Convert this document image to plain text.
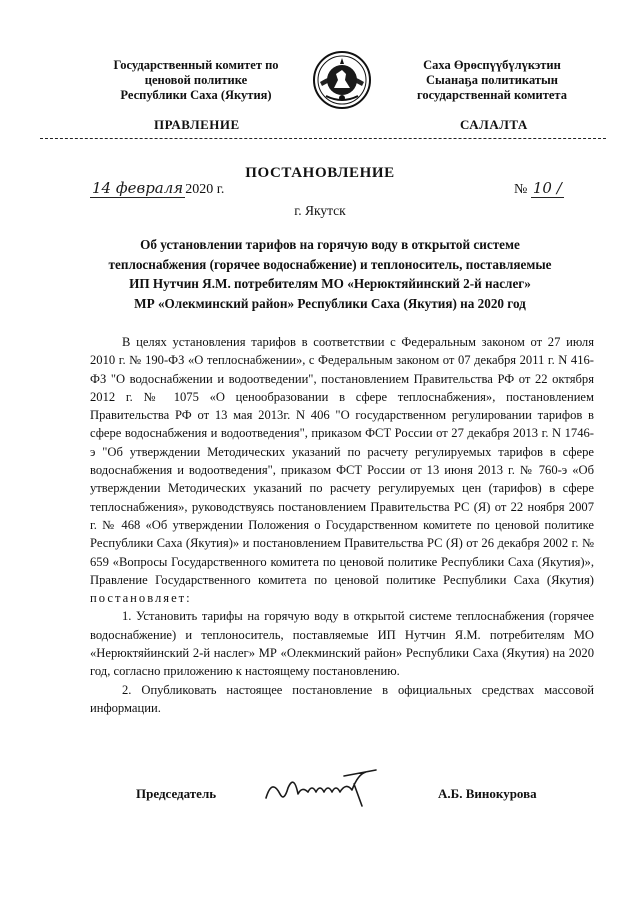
Государственный комитет по
ценовой политике
Республики Саха (Якутия)
Саха Өрөспүүбүлүкэтин
Сыанаҕа политикатын
государственнай комитета
ПРАВЛЕНИЕ	САЛАЛТА
ПОСТАНОВЛЕНИЕ
14 февраля 2020 г.	№ 10 /
г. Якутск
Об установлении тарифов на горячую воду в открытой системе
теплоснабжения (горячее водоснабжение) и теплоноситель, поставляемые
ИП Нутчин Я.М. потребителям МО «Нерюктяйинский 2-й наслег»
МР «Олекминский район» Республики Саха (Якутия) на 2020 год

В целях установления тарифов в соответствии с Федеральным законом от 27 июля 2010 г. № 190-ФЗ «О теплоснабжении», с Федеральным законом от 07 декабря 2011 г. N 416-ФЗ "О водоснабжении и водоотведении", постановлением Правительства РФ от 22 октября 2012 г. № 1075 «О ценообразовании в сфере теплоснабжения», постановлением Правительства РФ от 13 мая 2013г. N 406 "О государственном регулировании тарифов в сфере водоснабжения и водоотведения", приказом ФСТ России от 27 декабря 2013 г. N 1746-э "Об утверждении Методических указаний по расчету регулируемых тарифов в сфере водоснабжения и водоотведения", приказом ФСТ России от 13 июня 2013 г. № 760-э «Об утверждении Методических указаний по расчету регулируемых цен (тарифов) в сфере теплоснабжения», руководствуясь постановлением Правительства РС (Я) от 22 ноября 2007 г. № 468 «Об утверждении Положения о Государственном комитете по ценовой политике Республики Саха (Якутия)» и постановлением Правительства РС (Я) от 26 декабря 2002 г. № 659 «Вопросы Государственного комитета по ценовой политике Республики Саха (Якутия)», Правление Государственного комитета по ценовой политике Республики Саха (Якутия) постановляет:

1. Установить тарифы на горячую воду в открытой системе теплоснабжения (горячее водоснабжение) и теплоноситель, поставляемые ИП Нутчин Я.М. потребителям МО «Нерюктяйинский 2-й наслег» МР «Олекминский район» Республики Саха (Якутия) на 2020 год, согласно приложению к настоящему постановлению.

2. Опубликовать настоящее постановление в официальных средствах массовой информации.

Председатель	А.Б. Винокурова
